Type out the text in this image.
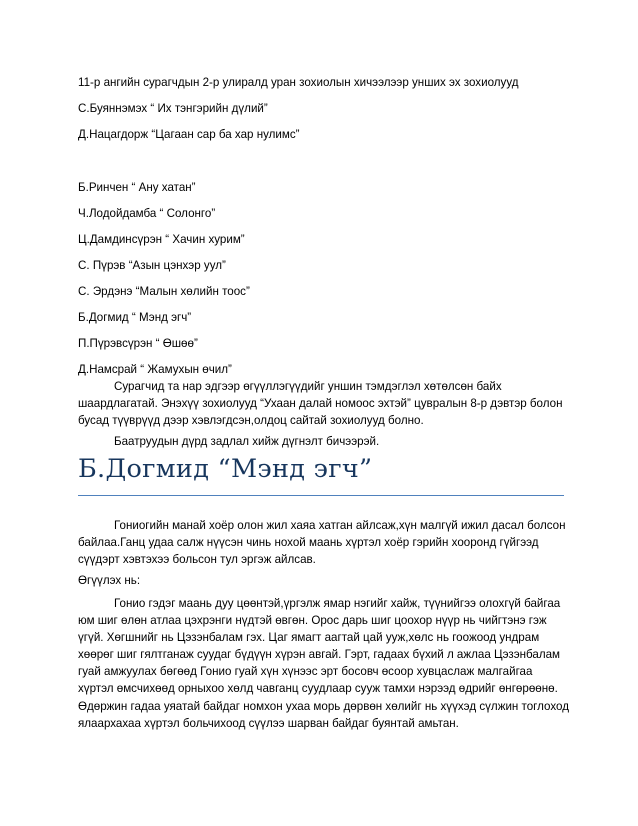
11-р ангийн сурагчдын 2-р улиралд уран зохиолын хичээлээр унших эх зохиолууд
С.Буяннэмэх “ Их тэнгэрийн дүлий”
Д.Нацагдорж “Цагаан сар ба хар нулимс”
Б.Ринчен “ Ану хатан”
Ч.Лодойдамба “ Солонго”
Ц.Дамдинсүрэн “ Хачин хурим”
С. Пүрэв “Азын цэнхэр уул”
С. Эрдэнэ “Малын хөлийн тоос”
Б.Догмид “ Мэнд эгч”
П.Пүрэвсүрэн “ Өшөө”
Д.Намсрай “ Жамухын өчил”
Сурагчид та нар эдгээр өгүүллэгүүдийг уншин тэмдэглэл хөтөлсөн байх шаардлагатай. Энэхүү зохиолууд “Ухаан далай номоос эхтэй” цувралын 8-р дэвтэр болон бусад түүврүүд дээр хэвлэгдсэн,олдоц сайтай зохиолууд болно.
Баатруудын дүрд задлал хийж дүгнэлт бичээрэй.
Б.Догмид “Мэнд эгч”
Гониогийн манай хоёр олон жил хаяа хатган айлсаж,хүн малгүй ижил дасал болсон байлаа.Ганц удаа салж нүүсэн чинь нохой маань хүртэл хоёр гэрийн хооронд гүйгээд сүүдэрт хэвтэхээ больсон тул эргэж айлсав.
Өгүүлэх нь:
Гонио гэдэг маань дуу цөөнтэй,үргэлж ямар нэгийг хайж, түүнийгээ олохгүй байгаа юм шиг өлөн атлаа цэхрэнги нүдтэй өвгөн. Орос дарь шиг цоохор нүүр нь чийгтэнэ гэж үгүй. Хөгшнийг нь Цэзэнбалам гэх. Цаг ямагт аагтай цай ууж,хөлс нь гоожоод ундрам хөөрөг шиг гялтганаж суудаг бүдүүн хүрэн авгай. Гэрт, гадаах бүхий л ажлаа Цэзэнбалам гуай амжуулах бөгөөд Гонио гуай хүн хүнээс эрт босовч өсоор хувцаслаж малгайгаа хүртэл өмсчихөөд орныхоо хөлд чавганц суудлаар сууж тамхи нэрээд өдрийг өнгөрөөнө. Өдөржин гадаа уяатай байдаг номхон ухаа морь дөрвөн хөлийг нь хүүхэд сүлжин тоглоход ялаархахаа хүртэл больчихоод сүүлээ шарван байдаг буянтай амьтан.
